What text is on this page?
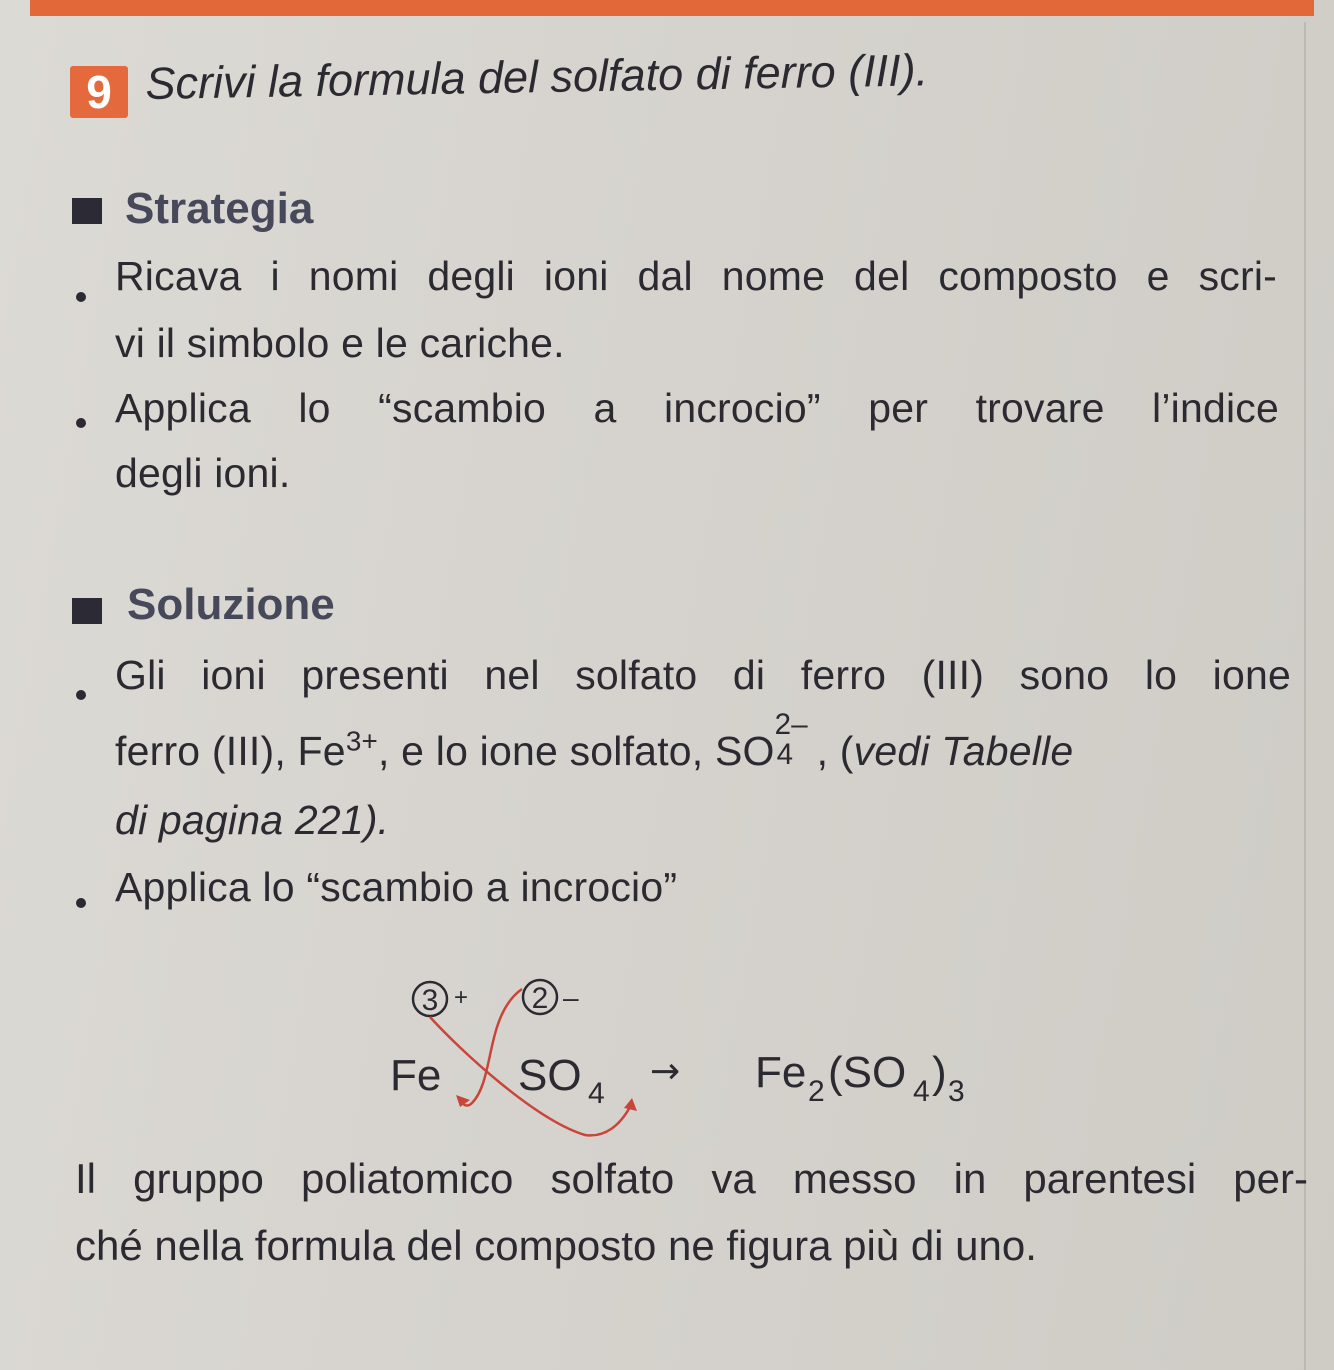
9 Scrivi la formula del solfato di ferro (III).
Strategia
Ricava i nomi degli ioni dal nome del composto e scri-
vi il simbolo e le cariche.
Applica lo “scambio a incrocio” per trovare l’indice
degli ioni.
Soluzione
Gli ioni presenti nel solfato di ferro (III) sono lo ione
ferro (III), $Fe^{3+}$, e lo ione solfato, SO
2–
4 , (vedi Tabelle
di pagina 221).
Applica lo “scambio a incrocio”
3 + 2 –
Fe SO 4
→ Fe 2 (SO 4 ) 3
Il gruppo poliatomico solfato va messo in parentesi per-
ché nella formula del composto ne figura più di uno.
